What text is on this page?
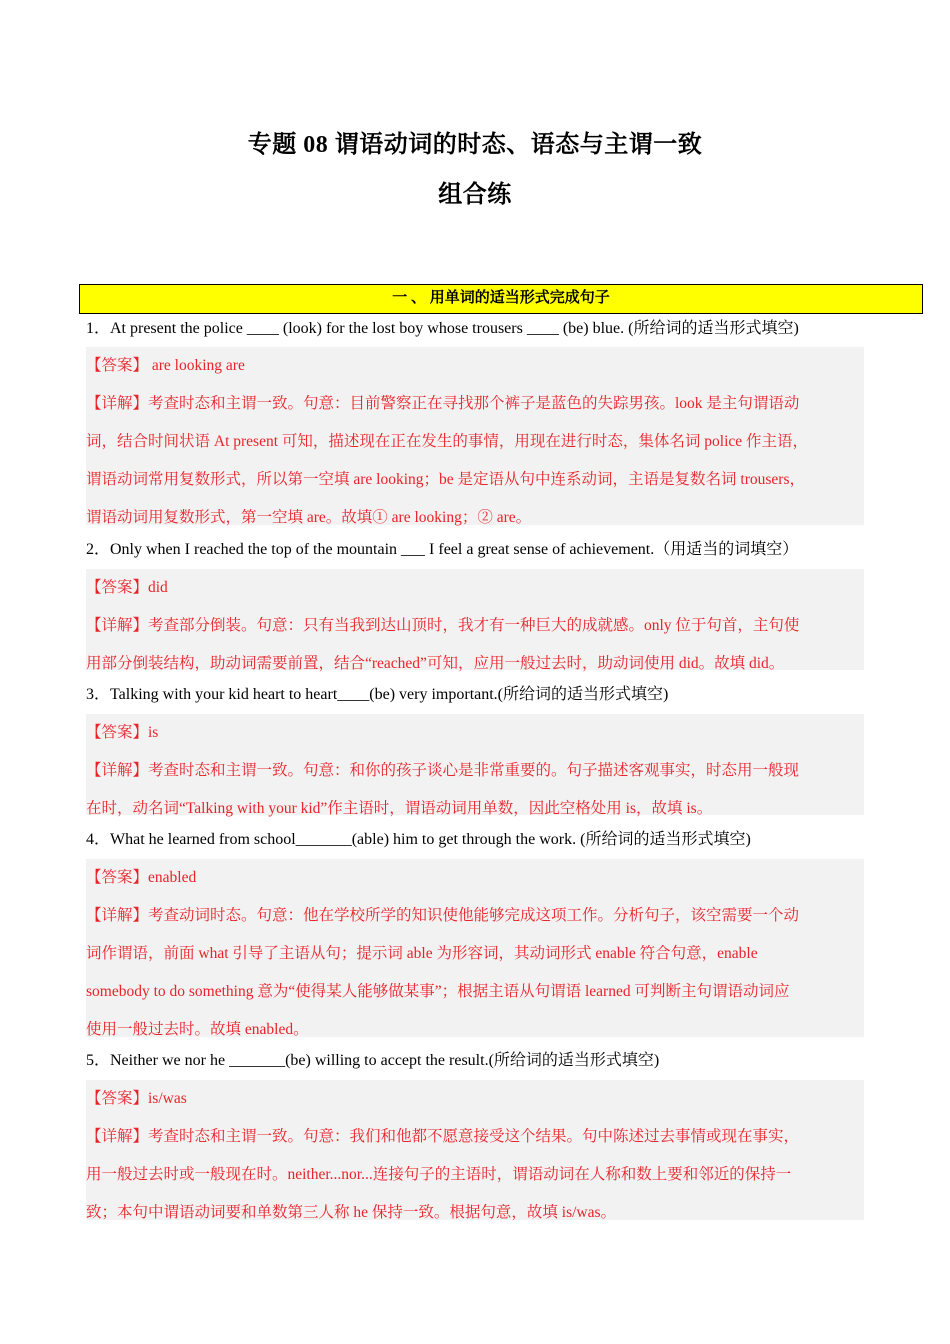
专题 08 谓语动词的时态、语态与主谓一致
组合练
一 、 用单词的适当形式完成句子
1．At present the police ____ (look) for the lost boy whose trousers ____ (be) blue. (所给词的适当形式填空)

【答案】 are looking are

【详解】考查时态和主谓一致。句意：目前警察正在寻找那个裤子是蓝色的失踪男孩。look 是主句谓语动

词，结合时间状语 At present 可知，描述现在正在发生的事情，用现在进行时态，集体名词 police 作主语，

谓语动词常用复数形式，所以第一空填 are looking；be 是定语从句中连系动词，主语是复数名词 trousers，

谓语动词用复数形式，第一空填 are。故填① are looking；② are。

2．Only when I reached the top of the mountain ___ I feel a great sense of achievement.（用适当的词填空）

【答案】did

【详解】考查部分倒装。句意：只有当我到达山顶时，我才有一种巨大的成就感。only 位于句首，主句使

用部分倒装结构，助动词需要前置，结合“reached”可知，应用一般过去时，助动词使用 did。故填 did。

3．Talking with your kid heart to heart____(be) very important.(所给词的适当形式填空)

【答案】is

【详解】考查时态和主谓一致。句意：和你的孩子谈心是非常重要的。句子描述客观事实，时态用一般现

在时，动名词“Talking with your kid”作主语时，谓语动词用单数，因此空格处用 is，故填 is。

4．What he learned from school_______(able) him to get through the work. (所给词的适当形式填空)

【答案】enabled

【详解】考查动词时态。句意：他在学校所学的知识使他能够完成这项工作。分析句子，该空需要一个动

词作谓语，前面 what 引导了主语从句；提示词 able 为形容词，其动词形式 enable 符合句意，enable

somebody to do something 意为“使得某人能够做某事”；根据主语从句谓语 learned 可判断主句谓语动词应

使用一般过去时。故填 enabled。

5．Neither we nor he _______(be) willing to accept the result.(所给词的适当形式填空)

【答案】is/was

【详解】考查时态和主谓一致。句意：我们和他都不愿意接受这个结果。句中陈述过去事情或现在事实，

用一般过去时或一般现在时。neither...nor...连接句子的主语时，谓语动词在人称和数上要和邻近的保持一

致；本句中谓语动词要和单数第三人称 he 保持一致。根据句意，故填 is/was。
